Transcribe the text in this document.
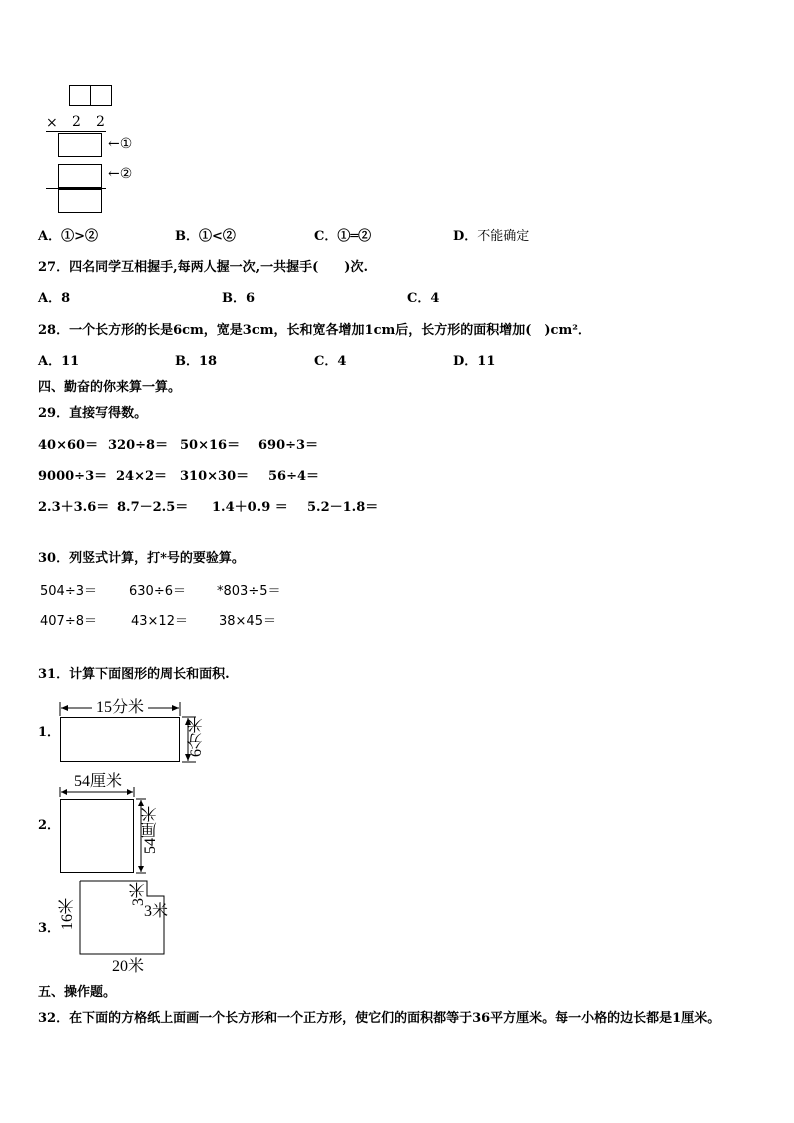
× 2 2
←①
←②
A．①>②	B．①<②	C．①═②	D．不能确定
27．四名同学互相握手,每两人握一次,一共握手(　　)次.
A．8	B．6	C．4
28．一个长方形的长是6cm，宽是3cm，长和宽各增加1cm后，长方形的面积增加(　)cm²．
A．11	B．18	C．4	D．11
四、勤奋的你来算一算。
29．直接写得数。
40×60＝ 320÷8＝ 50×16＝ 690÷3＝
9000÷3＝ 24×2＝ 310×30＝ 56÷4＝
2.3＋3.6＝ 8.7－2.5＝ 1.4＋0.9 ＝ 5.2－1.8＝
30．列竖式计算，打*号的要验算。
504÷3＝ 630÷6＝ *803÷5＝
407÷8＝	43×12＝ 38×45＝
31．计算下面图形的周长和面积.
1．
15分米
6分米
2．
54厘米
54厘米
3．
16米
20米
3米
3米
五、操作题。
32．在下面的方格纸上面画一个长方形和一个正方形，使它们的面积都等于36平方厘米。每一小格的边长都是1厘米。
